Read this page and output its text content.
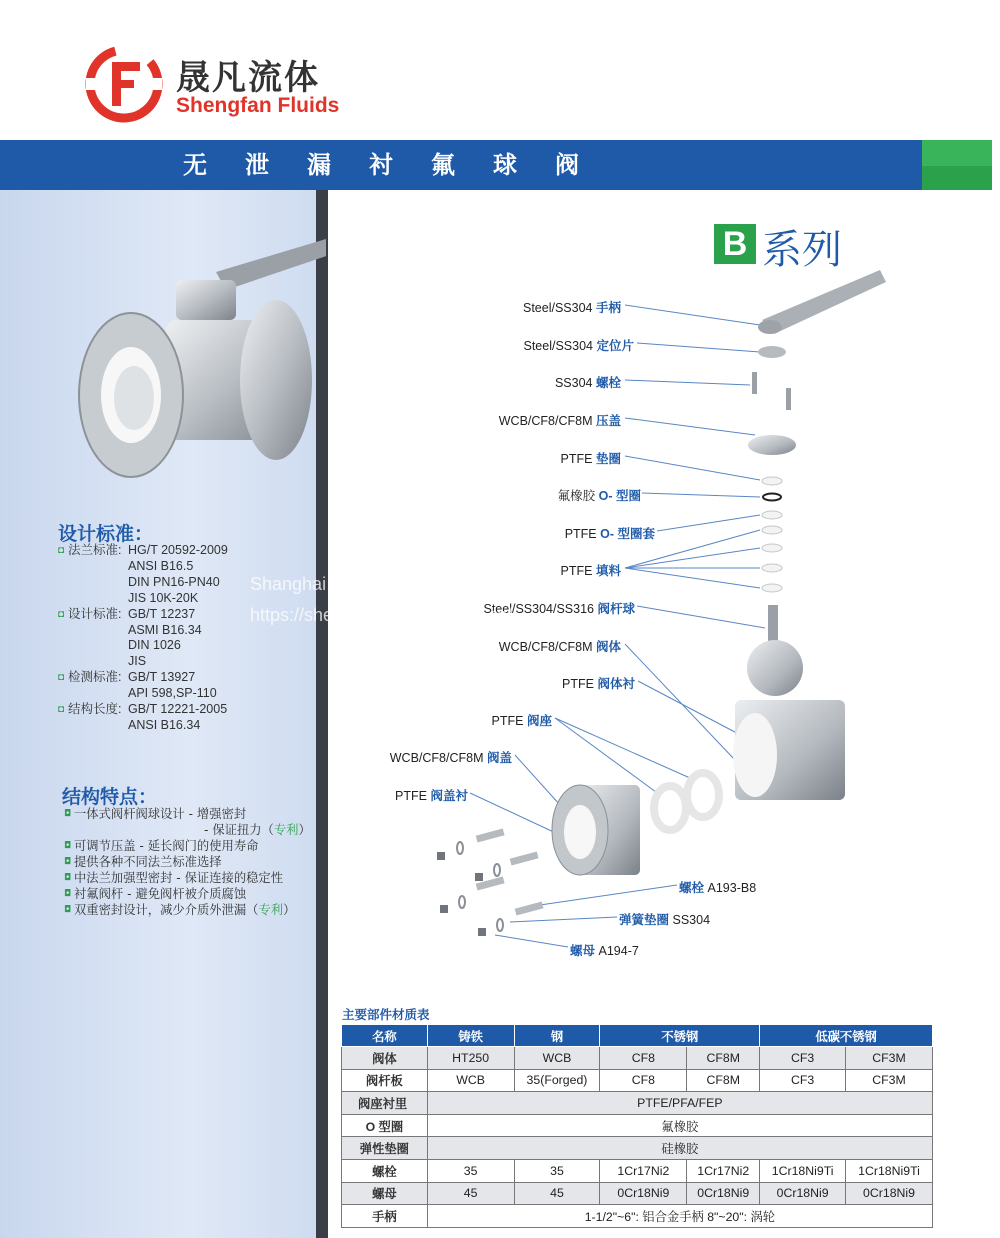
晟凡流体
Shengfan Fluids
无泄漏衬氟球阀
设计标准：
◘ 法兰标准: HG/T 20592-2009
ANSI B16.5
DIN PN16-PN40
JIS 10K-20K
◘ 设计标准: GB/T 12237
ASMI B16.34
DIN 1026
JIS
◘ 检测标准: GB/T 13927
API 598,SP-110
◘ 结构长度: GB/T 12221-2005
ANSI B16.34
结构特点：
◘ 一体式阀杆阀球设计 - 增强密封
- 保证扭力（专利）
◘ 可调节压盖 - 延长阀门的使用寿命
◘ 提供各种不同法兰标准选择
◘ 中法兰加强型密封 - 保证连接的稳定性
◘ 衬氟阀杆 - 避免阀杆被介质腐蚀
◘ 双重密封设计，减少介质外泄漏（专利）
B 系列
Steel/SS304 手柄
Steel/SS304 定位片
SS304 螺栓
WCB/CF8/CF8M 压盖
PTFE 垫圈
氟橡胶 O- 型圈
PTFE O- 型圈套
PTFE 填料
Steel/SS304/SS316 阀杆球
WCB/CF8/CF8M 阀体
PTFE 阀体衬
PTFE 阀座
WCB/CF8/CF8M 阀盖
PTFE 阀盖衬
螺栓 A193-B8
弹簧垫圈 SS304
螺母 A194-7
Shanghai Shengfan fluid control Co., Ltd
https://shenfanvalve.en.china.cn/
主要部件材质表
名称	铸铁	钢	不锈钢		低碳不锈钢	
阀体	HT250	WCB	CF8	CF8M	CF3	CF3M
阀杆板	WCB	35(Forged)	CF8	CF8M	CF3	CF3M
阀座衬里	PTFE/PFA/FEP					
O 型圈	氟橡胶					
弹性垫圈	硅橡胶					
螺栓	35	35	1Cr17Ni2	1Cr17Ni2	1Cr18Ni9Ti	1Cr18Ni9Ti
螺母	45	45	0Cr18Ni9	0Cr18Ni9	0Cr18Ni9	0Cr18Ni9
手柄	1-1/2"~6": 铝合金手柄 8"~20": 涡轮					
